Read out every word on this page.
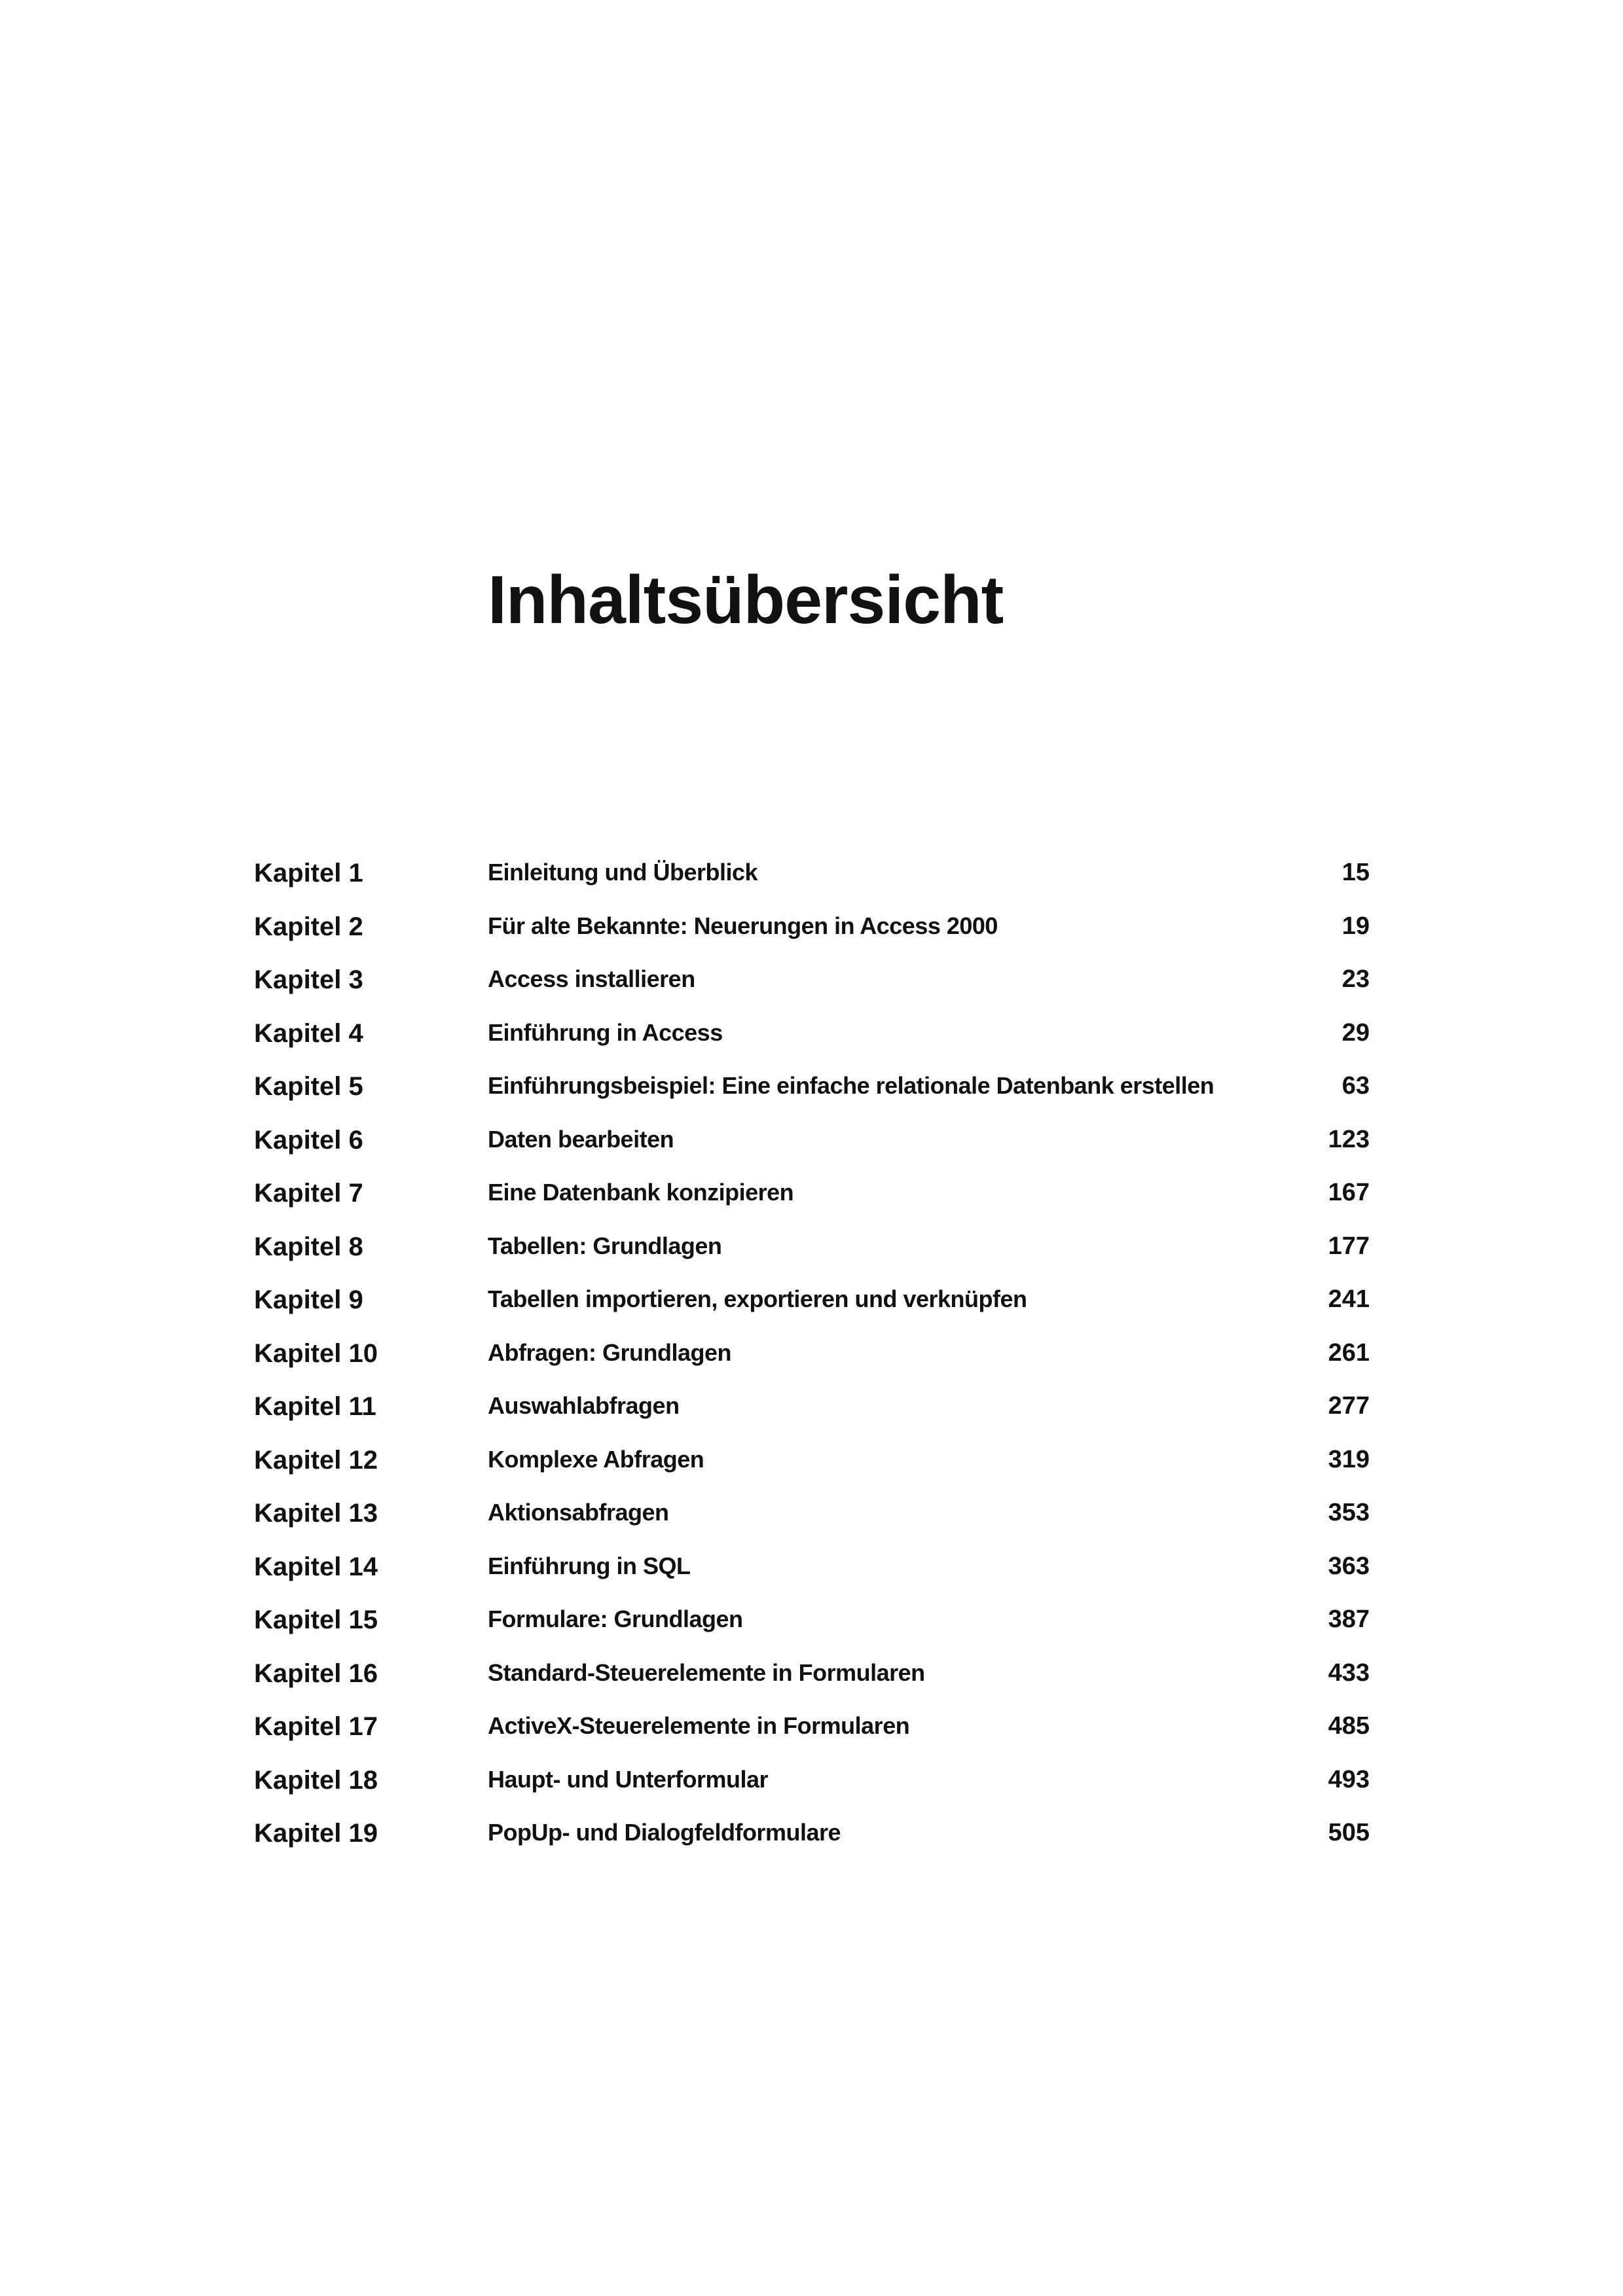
Inhaltsübersicht
Kapitel 1	Einleitung und Überblick	15
Kapitel 2	Für alte Bekannte: Neuerungen in Access 2000	19
Kapitel 3	Access installieren	23
Kapitel 4	Einführung in Access	29
Kapitel 5	Einführungsbeispiel: Eine einfache relationale Datenbank erstellen	63
Kapitel 6	Daten bearbeiten	123
Kapitel 7	Eine Datenbank konzipieren	167
Kapitel 8	Tabellen: Grundlagen	177
Kapitel 9	Tabellen importieren, exportieren und verknüpfen	241
Kapitel 10	Abfragen: Grundlagen	261
Kapitel 11	Auswahlabfragen	277
Kapitel 12	Komplexe Abfragen	319
Kapitel 13	Aktionsabfragen	353
Kapitel 14	Einführung in SQL	363
Kapitel 15	Formulare: Grundlagen	387
Kapitel 16	Standard-Steuerelemente in Formularen	433
Kapitel 17	ActiveX-Steuerelemente in Formularen	485
Kapitel 18	Haupt- und Unterformular	493
Kapitel 19	PopUp- und Dialogfeldformulare	505
